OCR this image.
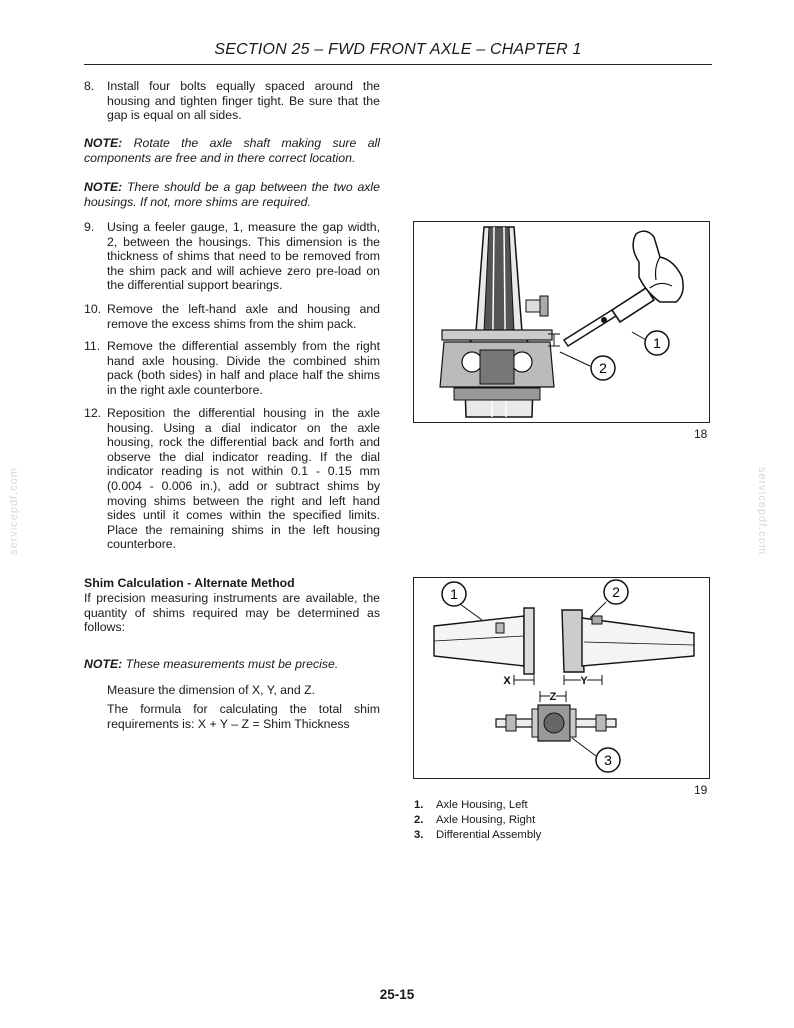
SECTION 25 – FWD FRONT AXLE – CHAPTER 1
8. Install four bolts equally spaced around the housing and tighten finger tight. Be sure that the gap is equal on all sides.
NOTE: Rotate the axle shaft making sure all components are free and in there correct location.
NOTE: There should be a gap between the two axle housings. If not, more shims are required.
9. Using a feeler gauge, 1, measure the gap width, 2, between the housings. This dimension is the thickness of shims that need to be removed from the shim pack and will achieve zero pre-load on the differential support bearings.
10. Remove the left-hand axle and housing and remove the excess shims from the shim pack.
11. Remove the differential assembly from the right hand axle housing. Divide the combined shim pack (both sides) in half and place half the shims in the right axle counterbore.
12. Reposition the differential housing in the axle housing. Using a dial indicator on the axle housing, rock the differential back and forth and observe the dial indicator reading. If the dial indicator reading is not within 0.1 - 0.15 mm (0.004 - 0.006 in.), add or subtract shims by moving shims between the right and left hand sides until it comes within the specified limits. Place the remaining shims in the left housing counterbore.
Shim Calculation - Alternate Method
If precision measuring instruments are available, the quantity of shims required may be determined as follows:
NOTE: These measurements must be precise.
Measure the dimension of X, Y, and Z.
The formula for calculating the total shim requirements is: X + Y – Z = Shim Thickness
1
2
18
X	Y
Z
1	2
3
19
1. Axle Housing, Left
2. Axle Housing, Right
3. Differential Assembly
servicepdf.com	servicepdf.com
25-15
